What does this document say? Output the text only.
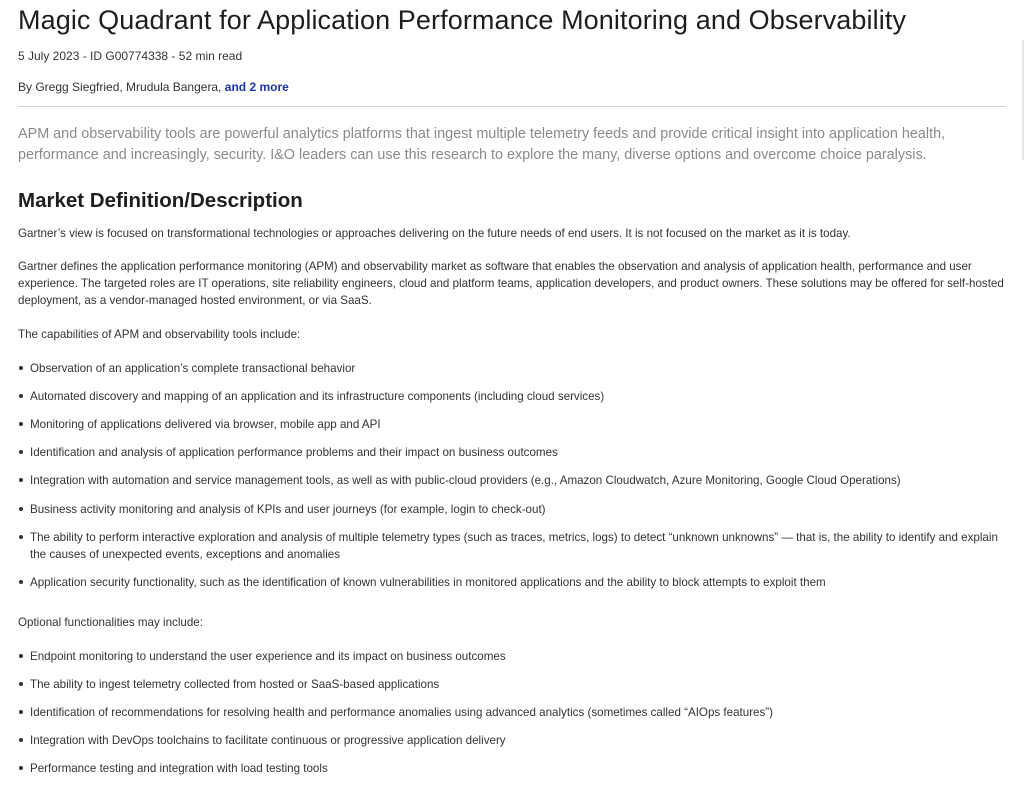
Magic Quadrant for Application Performance Monitoring and Observability
5 July 2023 - ID G00774338 - 52 min read
By Gregg Siegfried, Mrudula Bangera, and 2 more

APM and observability tools are powerful analytics platforms that ingest multiple telemetry feeds and provide critical insight into application health, performance and increasingly, security. I&O leaders can use this research to explore the many, diverse options and overcome choice paralysis.

Market Definition/Description

Gartner’s view is focused on transformational technologies or approaches delivering on the future needs of end users. It is not focused on the market as it is today.

Gartner defines the application performance monitoring (APM) and observability market as software that enables the observation and analysis of application health, performance and user experience. The targeted roles are IT operations, site reliability engineers, cloud and platform teams, application developers, and product owners. These solutions may be offered for self-hosted deployment, as a vendor-managed hosted environment, or via SaaS.

The capabilities of APM and observability tools include:

Observation of an application’s complete transactional behavior
Automated discovery and mapping of an application and its infrastructure components (including cloud services)
Monitoring of applications delivered via browser, mobile app and API
Identification and analysis of application performance problems and their impact on business outcomes
Integration with automation and service management tools, as well as with public-cloud providers (e.g., Amazon Cloudwatch, Azure Monitoring, Google Cloud Operations)
Business activity monitoring and analysis of KPIs and user journeys (for example, login to check-out)
The ability to perform interactive exploration and analysis of multiple telemetry types (such as traces, metrics, logs) to detect “unknown unknowns” — that is, the ability to identify and explain the causes of unexpected events, exceptions and anomalies
Application security functionality, such as the identification of known vulnerabilities in monitored applications and the ability to block attempts to exploit them

Optional functionalities may include:

Endpoint monitoring to understand the user experience and its impact on business outcomes
The ability to ingest telemetry collected from hosted or SaaS-based applications
Identification of recommendations for resolving health and performance anomalies using advanced analytics (sometimes called “AIOps features”)
Integration with DevOps toolchains to facilitate continuous or progressive application delivery
Performance testing and integration with load testing tools
